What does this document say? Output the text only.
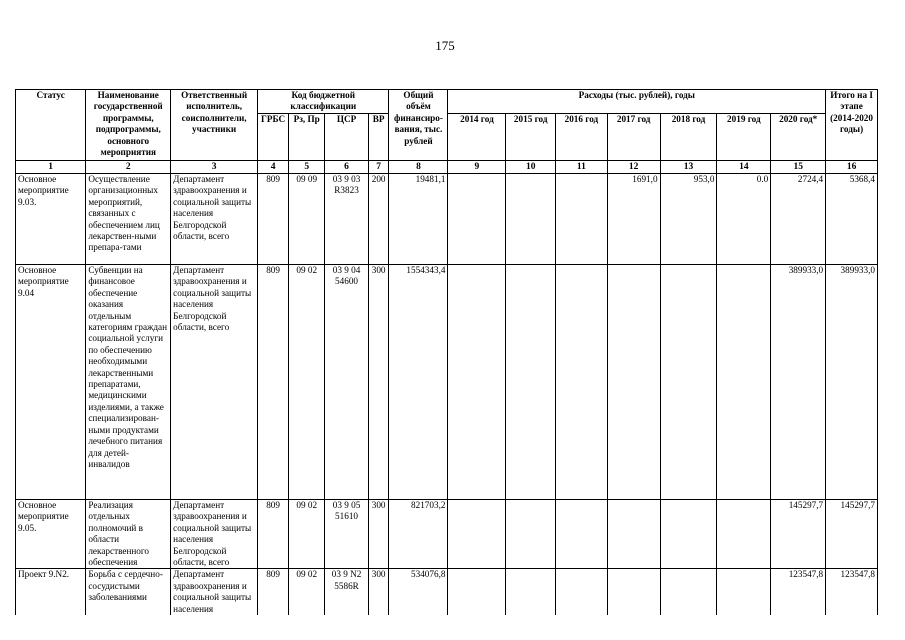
175
Статус	Наименование государственной программы, подпрограммы, основного мероприятия	Ответственный исполнитель, соисполнители, участники	Код бюджетной классификации				Общий объём финансиро-вания, тыс. рублей	Расходы (тыс. рублей), годы							Итого на I этапе (2014-2020 годы)
			ГРБС	Рз, Пр	ЦСР	ВР		2014 год	2015 год	2016 год	2017 год	2018 год	2019 год	2020 год*	
1	2	3	4	5	6	7	8	9	10	11	12	13	14	15	16
Основное мероприятие 9.03.	Осуществление организационных мероприятий, связанных с обеспечением лиц лекарствен-ными препара-тами	Департамент здравоохранения и социальной защиты населения Белгородской области, всего	809	09 09	03 9 03 R3823	200	19481,1				1691,0	953,0	0.0	2724,4	5368,4
Основное мероприятие 9.04	Субвенции на финансовое обеспечение оказания отдельным категориям граждан социальной услуги по обеспечению необходимыми лекарственными препаратами, медицинскими изделиями, а также специализирован-ными продуктами лечебного питания для детей-инвалидов	Департамент здравоохранения и социальной защиты населения Белгородской области, всего	809	09 02	03 9 04 54600	300	1554343,4							389933,0	389933,0
Основное мероприятие 9.05.	Реализация отдельных полномочий в области лекарственного обеспечения	Департамент здравоохранения и социальной защиты населения Белгородской области, всего	809	09 02	03 9 05 51610	300	821703,2							145297,7	145297,7
Проект 9.N2.	Борьба с сердечно-сосудистыми заболеваниями	Департамент здравоохранения и социальной защиты населения	809	09 02	03 9 N2 5586R	300	534076,8							123547,8	123547,8
